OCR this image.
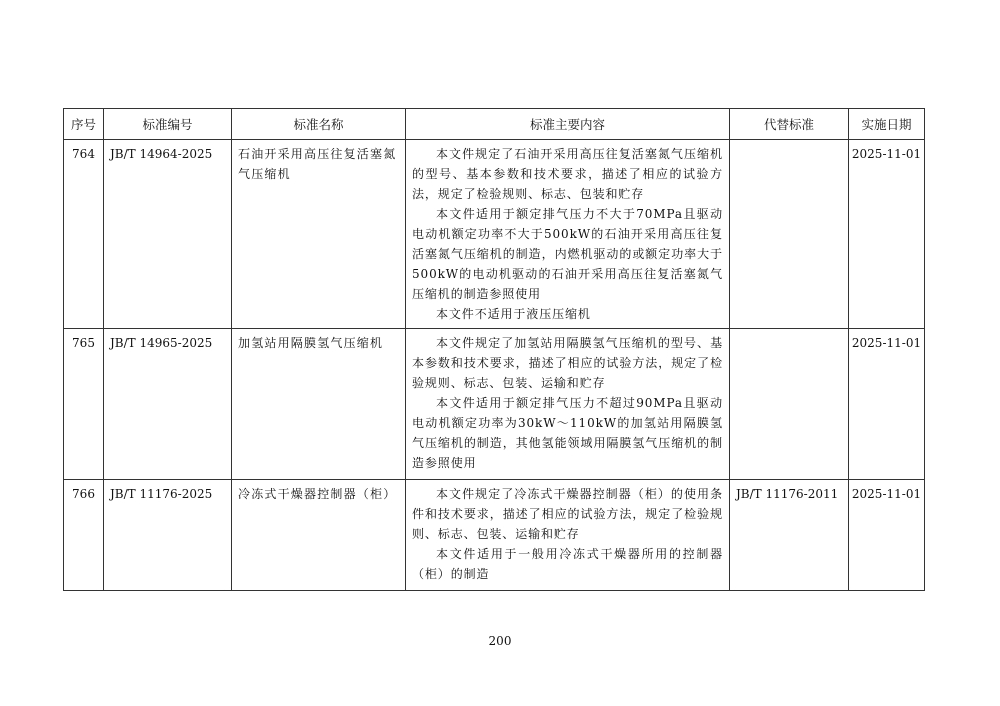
序号	标准编号	标准名称	标准主要内容	代替标准	实施日期

764	JB/T 14964-2025	石油开采用高压往复活塞氮气压缩机	本文件规定了石油开采用高压往复活塞氮气压缩机的型号、基本参数和技术要求，描述了相应的试验方法，规定了检验规则、标志、包装和贮存
本文件适用于额定排气压力不大于70MPa且驱动电动机额定功率不大于500kW的石油开采用高压往复活塞氮气压缩机的制造，内燃机驱动的或额定功率大于500kW的电动机驱动的石油开采用高压往复活塞氮气压缩机的制造参照使用
本文件不适用于液压压缩机		2025-11-01

765	JB/T 14965-2025	加氢站用隔膜氢气压缩机	本文件规定了加氢站用隔膜氢气压缩机的型号、基本参数和技术要求，描述了相应的试验方法，规定了检验规则、标志、包装、运输和贮存
本文件适用于额定排气压力不超过90MPa且驱动电动机额定功率为30kW～110kW的加氢站用隔膜氢气压缩机的制造，其他氢能领域用隔膜氢气压缩机的制造参照使用		2025-11-01

766	JB/T 11176-2025	冷冻式干燥器控制器（柜）	本文件规定了冷冻式干燥器控制器（柜）的使用条件和技术要求，描述了相应的试验方法，规定了检验规则、标志、包装、运输和贮存
本文件适用于一般用冷冻式干燥器所用的控制器（柜）的制造	JB/T 11176-2011	2025-11-01
200
